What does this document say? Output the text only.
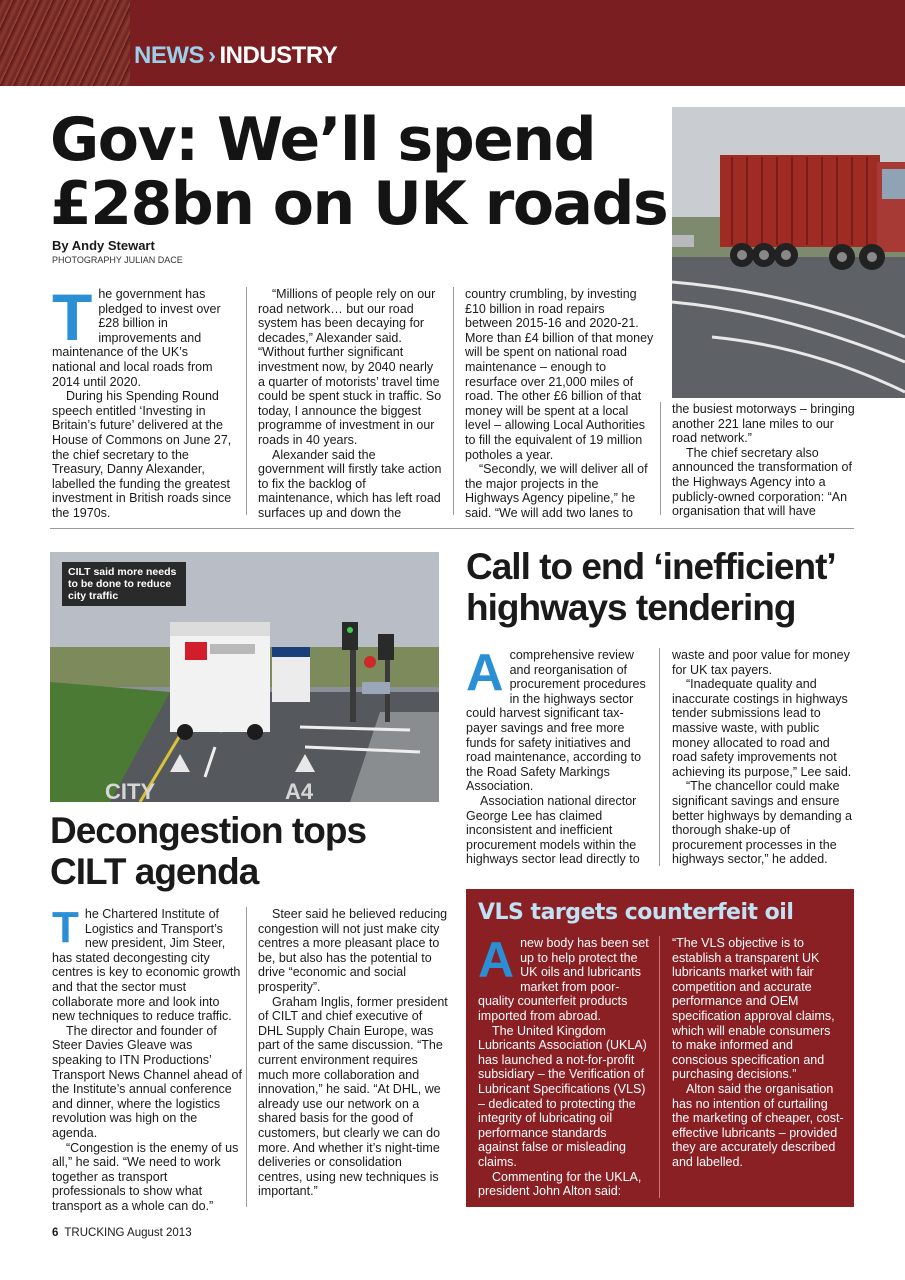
NEWS › INDUSTRY
Gov: We’ll spend £28bn on UK roads
By Andy Stewart
PHOTOGRAPHY JULIAN DACE

The government has pledged to invest over £28 billion in improvements and maintenance of the UK’s national and local roads from 2014 until 2020.

During his Spending Round speech entitled ‘Investing in Britain’s future’ delivered at the House of Commons on June 27, the chief secretary to the Treasury, Danny Alexander, labelled the funding the greatest investment in British roads since the 1970s.

“Millions of people rely on our road network… but our road system has been decaying for decades,” Alexander said. “Without further significant investment now, by 2040 nearly a quarter of motorists’ travel time could be spent stuck in traffic. So today, I announce the biggest programme of investment in our roads in 40 years.

Alexander said the government will firstly take action to fix the backlog of maintenance, which has left road surfaces up and down the

country crumbling, by investing £10 billion in road repairs between 2015-16 and 2020-21. More than £4 billion of that money will be spent on national road maintenance – enough to resurface over 21,000 miles of road. The other £6 billion of that money will be spent at a local level – allowing Local Authorities to fill the equivalent of 19 million potholes a year.

“Secondly, we will deliver all of the major projects in the Highways Agency pipeline,” he said. “We will add two lanes to

the busiest motorways – bringing another 221 lane miles to our road network.”

The chief secretary also announced the transformation of the Highways Agency into a publicly-owned corporation: “An organisation that will have

CITY	A4
CILT said more needs to be done to reduce city traffic
Decongestion tops CILT agenda

The Chartered Institute of Logistics and Transport’s new president, Jim Steer, has stated decongesting city centres is key to economic growth and that the sector must collaborate more and look into new techniques to reduce traffic.

The director and founder of Steer Davies Gleave was speaking to ITN Productions’ Transport News Channel ahead of the Institute’s annual conference and dinner, where the logistics revolution was high on the agenda.

“Congestion is the enemy of us all,” he said. “We need to work together as transport professionals to show what transport as a whole can do.”

Steer said he believed reducing congestion will not just make city centres a more pleasant place to be, but also has the potential to drive “economic and social prosperity”.

Graham Inglis, former president of CILT and chief executive of DHL Supply Chain Europe, was part of the same discussion. “The current environment requires much more collaboration and innovation,” he said. “At DHL, we already use our network on a shared basis for the good of customers, but clearly we can do more. And whether it’s night-time deliveries or consolidation centres, using new techniques is important.”

Call to end ‘inefficient’ highways tendering

Acomprehensive review and reorganisation of procurement procedures in the highways sector could harvest significant tax-payer savings and free more funds for safety initiatives and road maintenance, according to the Road Safety Markings Association.

Association national director George Lee has claimed inconsistent and inefficient procurement models within the highways sector lead directly to

waste and poor value for money for UK tax payers.

“Inadequate quality and inaccurate costings in highways tender submissions lead to massive waste, with public money allocated to road and road safety improvements not achieving its purpose,” Lee said.

“The chancellor could make significant savings and ensure better highways by demanding a thorough shake-up of procurement processes in the highways sector,” he added.

VLS targets counterfeit oil

Anew body has been set up to help protect the UK oils and lubricants market from poor-quality counterfeit products imported from abroad.

The United Kingdom Lubricants Association (UKLA) has launched a not-for-profit subsidiary – the Verification of Lubricant Specifications (VLS) – dedicated to protecting the integrity of lubricating oil performance standards against false or misleading claims.

Commenting for the UKLA, president John Alton said:

“The VLS objective is to establish a transparent UK lubricants market with fair competition and accurate performance and OEM specification approval claims, which will enable consumers to make informed and conscious specification and purchasing decisions.”

Alton said the organisation has no intention of curtailing the marketing of cheaper, cost-effective lubricants – provided they are accurately described and labelled.

6 TRUCKING August 2013
